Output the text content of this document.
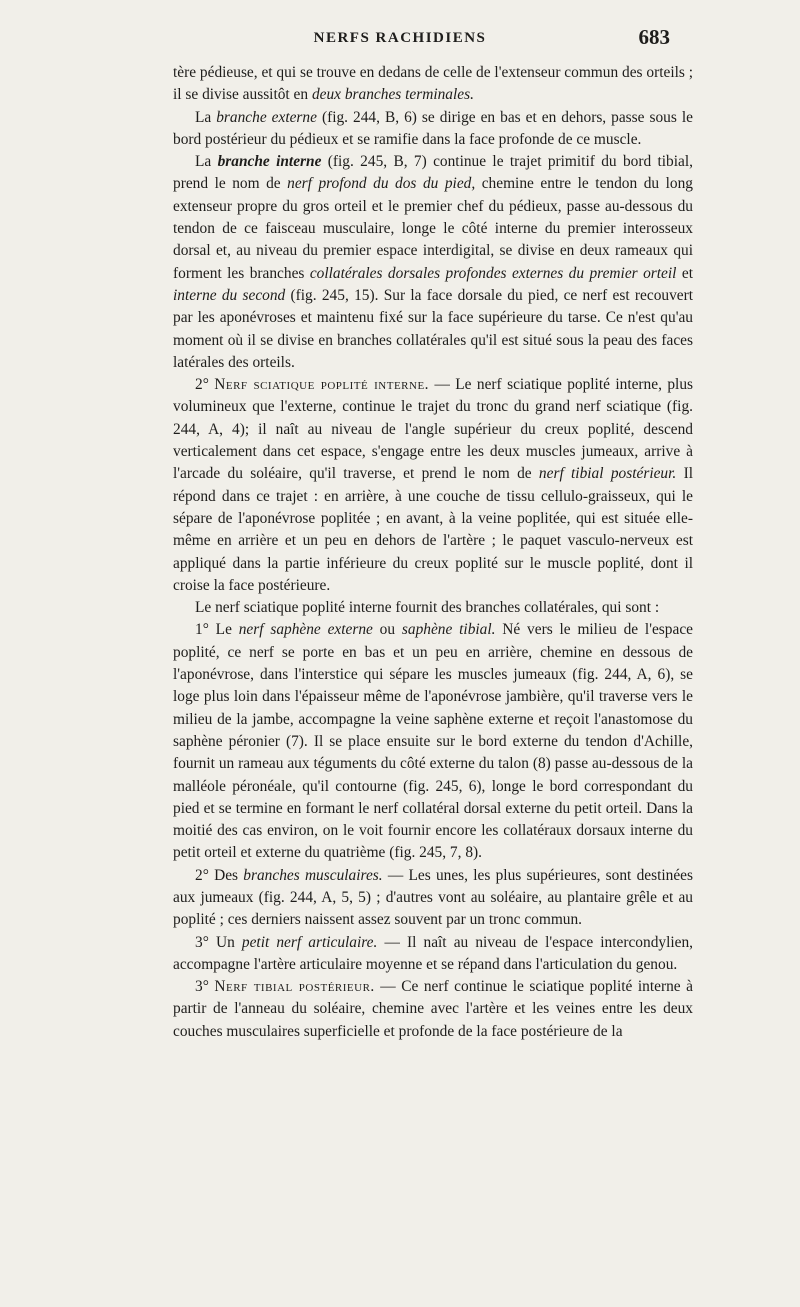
NERFS RACHIDIENS	683

tère pédieuse, et qui se trouve en dedans de celle de l'extenseur commun des orteils ; il se divise aussitôt en deux branches terminales.

La branche externe (fig. 244, B, 6) se dirige en bas et en dehors, passe sous le bord postérieur du pédieux et se ramifie dans la face profonde de ce muscle.

La branche interne (fig. 245, B, 7) continue le trajet primitif du bord tibial, prend le nom de nerf profond du dos du pied, chemine entre le tendon du long extenseur propre du gros orteil et le premier chef du pédieux, passe au-dessous du tendon de ce faisceau musculaire, longe le côté interne du premier interosseux dorsal et, au niveau du premier espace interdigital, se divise en deux rameaux qui forment les branches collatérales dorsales profondes externes du premier orteil et interne du second (fig. 245, 15). Sur la face dorsale du pied, ce nerf est recouvert par les aponévroses et maintenu fixé sur la face supérieure du tarse. Ce n'est qu'au moment où il se divise en branches collatérales qu'il est situé sous la peau des faces latérales des orteils.

2° Nerf sciatique poplité interne. — Le nerf sciatique poplité interne, plus volumineux que l'externe, continue le trajet du tronc du grand nerf sciatique (fig. 244, A, 4); il naît au niveau de l'angle supérieur du creux poplité, descend verticalement dans cet espace, s'engage entre les deux muscles jumeaux, arrive à l'arcade du soléaire, qu'il traverse, et prend le nom de nerf tibial postérieur. Il répond dans ce trajet : en arrière, à une couche de tissu cellulo-graisseux, qui le sépare de l'aponévrose poplitée ; en avant, à la veine poplitée, qui est située elle-même en arrière et un peu en dehors de l'artère ; le paquet vasculo-nerveux est appliqué dans la partie inférieure du creux poplité sur le muscle poplité, dont il croise la face postérieure.

Le nerf sciatique poplité interne fournit des branches collatérales, qui sont :

1° Le nerf saphène externe ou saphène tibial. Né vers le milieu de l'espace poplité, ce nerf se porte en bas et un peu en arrière, chemine en dessous de l'aponévrose, dans l'interstice qui sépare les muscles jumeaux (fig. 244, A, 6), se loge plus loin dans l'épaisseur même de l'aponévrose jambière, qu'il traverse vers le milieu de la jambe, accompagne la veine saphène externe et reçoit l'anastomose du saphène péronier (7). Il se place ensuite sur le bord externe du tendon d'Achille, fournit un rameau aux téguments du côté externe du talon (8) passe au-dessous de la malléole péronéale, qu'il contourne (fig. 245, 6), longe le bord correspondant du pied et se termine en formant le nerf collatéral dorsal externe du petit orteil. Dans la moitié des cas environ, on le voit fournir encore les collatéraux dorsaux interne du petit orteil et externe du quatrième (fig. 245, 7, 8).

2° Des branches musculaires. — Les unes, les plus supérieures, sont destinées aux jumeaux (fig. 244, A, 5, 5) ; d'autres vont au soléaire, au plantaire grêle et au poplité ; ces derniers naissent assez souvent par un tronc commun.

3° Un petit nerf articulaire. — Il naît au niveau de l'espace intercondylien, accompagne l'artère articulaire moyenne et se répand dans l'articulation du genou.

3° Nerf tibial postérieur. — Ce nerf continue le sciatique poplité interne à partir de l'anneau du soléaire, chemine avec l'artère et les veines entre les deux couches musculaires superficielle et profonde de la face postérieure de la
